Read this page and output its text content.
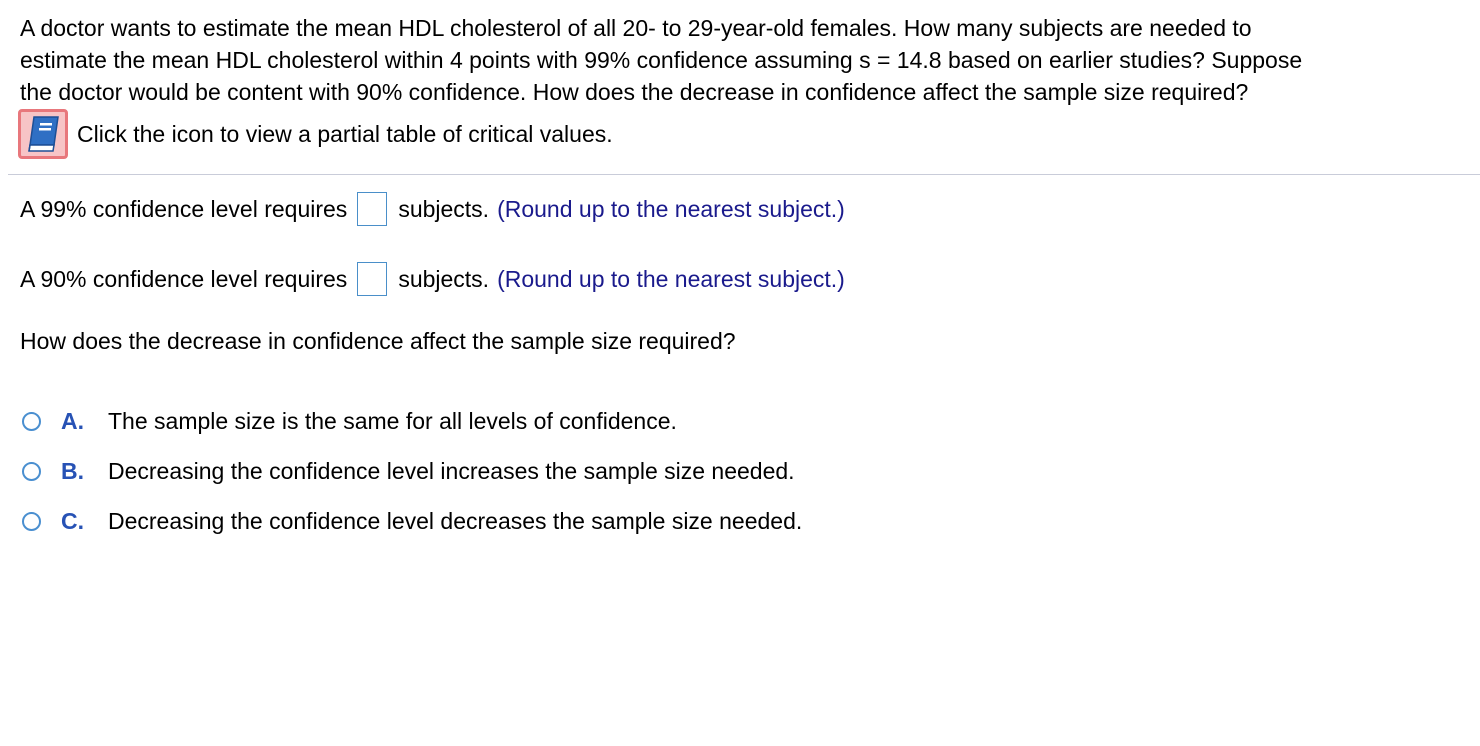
A doctor wants to estimate the mean HDL cholesterol of all 20- to 29-year-old females. How many subjects are needed to
estimate the mean HDL cholesterol within 4 points with 99% confidence assuming s = 14.8 based on earlier studies? Suppose
the doctor would be content with 90% confidence. How does the decrease in confidence affect the sample size required?
Click the icon to view a partial table of critical values.
A 99% confidence level requires subjects. (Round up to the nearest subject.)
A 90% confidence level requires subjects. (Round up to the nearest subject.)

How does the decrease in confidence affect the sample size required?

A.	The sample size is the same for all levels of confidence.
B.	Decreasing the confidence level increases the sample size needed.
C.	Decreasing the confidence level decreases the sample size needed.
